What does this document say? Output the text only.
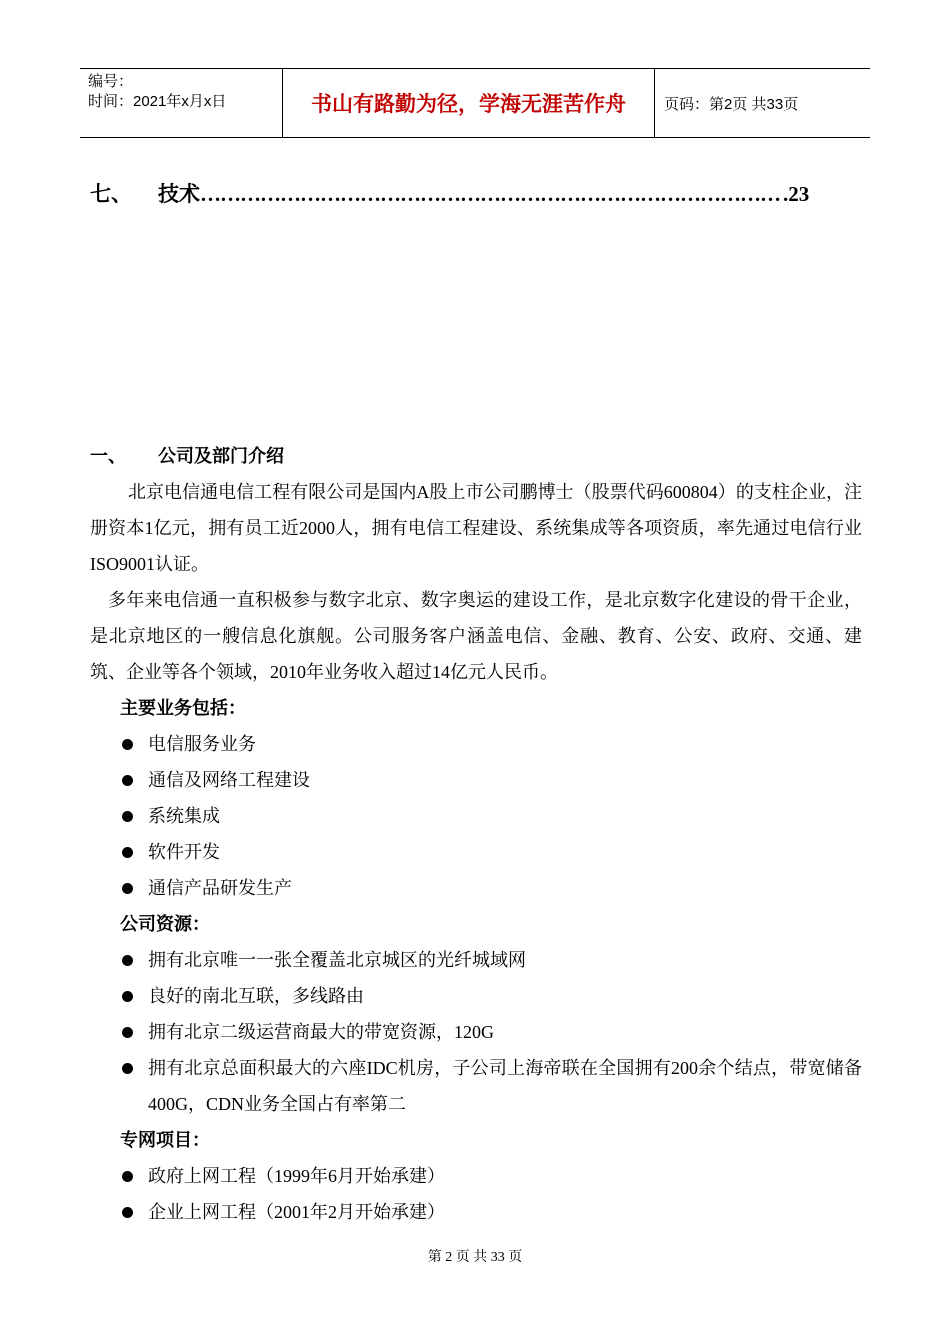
编号：
时间：2021年x月x日	书山有路勤为径，学海无涯苦作舟	页码：第2页 共33页
七、	技术 …………………………………………………………………………… .23
一、	公司及部门介绍

北京电信通电信工程有限公司是国内A股上市公司鹏博士（股票代码600804）的支柱企业，注册资本1亿元，拥有员工近2000人，拥有电信工程建设、系统集成等各项资质，率先通过电信行业ISO9001认证。

多年来电信通一直积极参与数字北京、数字奥运的建设工作，是北京数字化建设的骨干企业，是北京地区的一艘信息化旗舰。公司服务客户涵盖电信、金融、教育、公安、政府、交通、建筑、企业等各个领域，2010年业务收入超过14亿元人民币。

主要业务包括：

电信服务业务
通信及网络工程建设
系统集成
软件开发
通信产品研发生产

公司资源：

拥有北京唯一一张全覆盖北京城区的光纤城域网
良好的南北互联，多线路由
拥有北京二级运营商最大的带宽资源，120G
拥有北京总面积最大的六座IDC机房，子公司上海帝联在全国拥有200余个结点，带宽储备400G，CDN业务全国占有率第二

专网项目：

政府上网工程（1999年6月开始承建）
企业上网工程（2001年2月开始承建）
第 2 页 共 33 页
